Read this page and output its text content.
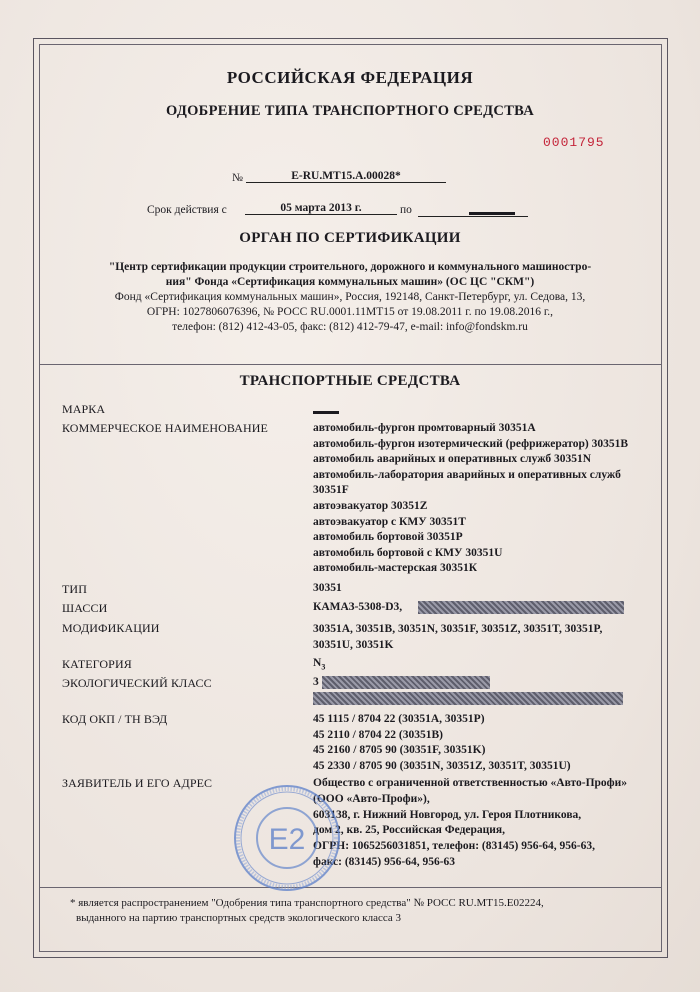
РОССИЙСКАЯ ФЕДЕРАЦИЯ
ОДОБРЕНИЕ ТИПА ТРАНСПОРТНОГО СРЕДСТВА
0001795
№	E-RU.MT15.A.00028*
Срок действия с	05 марта 2013 г.	по
ОРГАН ПО СЕРТИФИКАЦИИ
"Центр сертификации продукции строительного, дорожного и коммунального машиностро-
ния" Фонда «Сертификация коммунальных машин» (ОС ЦС "СКМ")
Фонд «Сертификация коммунальных машин», Россия, 192148, Санкт-Петербург, ул. Седова, 13,
ОГРН: 1027806076396, № РОСС RU.0001.11МТ15 от 19.08.2011 г. по 19.08.2016 г.,
телефон: (812) 412-43-05, факс: (812) 412-79-47, e-mail: info@fondskm.ru
ТРАНСПОРТНЫЕ СРЕДСТВА
МАРКА
КОММЕРЧЕСКОЕ НАИМЕНОВАНИЕ	автомобиль-фургон промтоварный 30351А
автомобиль-фургон изотермический (рефрижератор) 30351В
автомобиль аварийных и оперативных служб 30351N
автомобиль-лаборатория аварийных и оперативных служб
30351F
автоэвакуатор 30351Z
автоэвакуатор с КМУ 30351Т
автомобиль бортовой 30351Р
автомобиль бортовой с КМУ 30351U
автомобиль-мастерская 30351К
ТИП	30351
ШАССИ	КАМАЗ-5308-D3,
МОДИФИКАЦИИ	30351А, 30351В, 30351N, 30351F, 30351Z, 30351T, 30351P,
30351U, 30351K
КАТЕГОРИЯ	$N_3$
ЭКОЛОГИЧЕСКИЙ КЛАСС	3
КОД ОКП / ТН ВЭД	45 1115 / 8704 22 (30351A, 30351P)
45 2110 / 8704 22 (30351B)
45 2160 / 8705 90 (30351F, 30351K)
45 2330 / 8705 90 (30351N, 30351Z, 30351T, 30351U)
ЗАЯВИТЕЛЬ И ЕГО АДРЕС	Общество с ограниченной ответственностью «Авто-Профи»
(ООО «Авто-Профи»),
603138, г. Нижний Новгород, ул. Героя Плотникова,
дом 2, кв. 25, Российская Федерация,
ОГРН: 1065256031851, телефон: (83145) 956-64, 956-63,
факс: (83145) 956-64, 956-63
E2
* является распространением "Одобрения типа транспортного средства" № РОСС RU.MT15.E02224,
выданного на партию транспортных средств экологического класса 3
